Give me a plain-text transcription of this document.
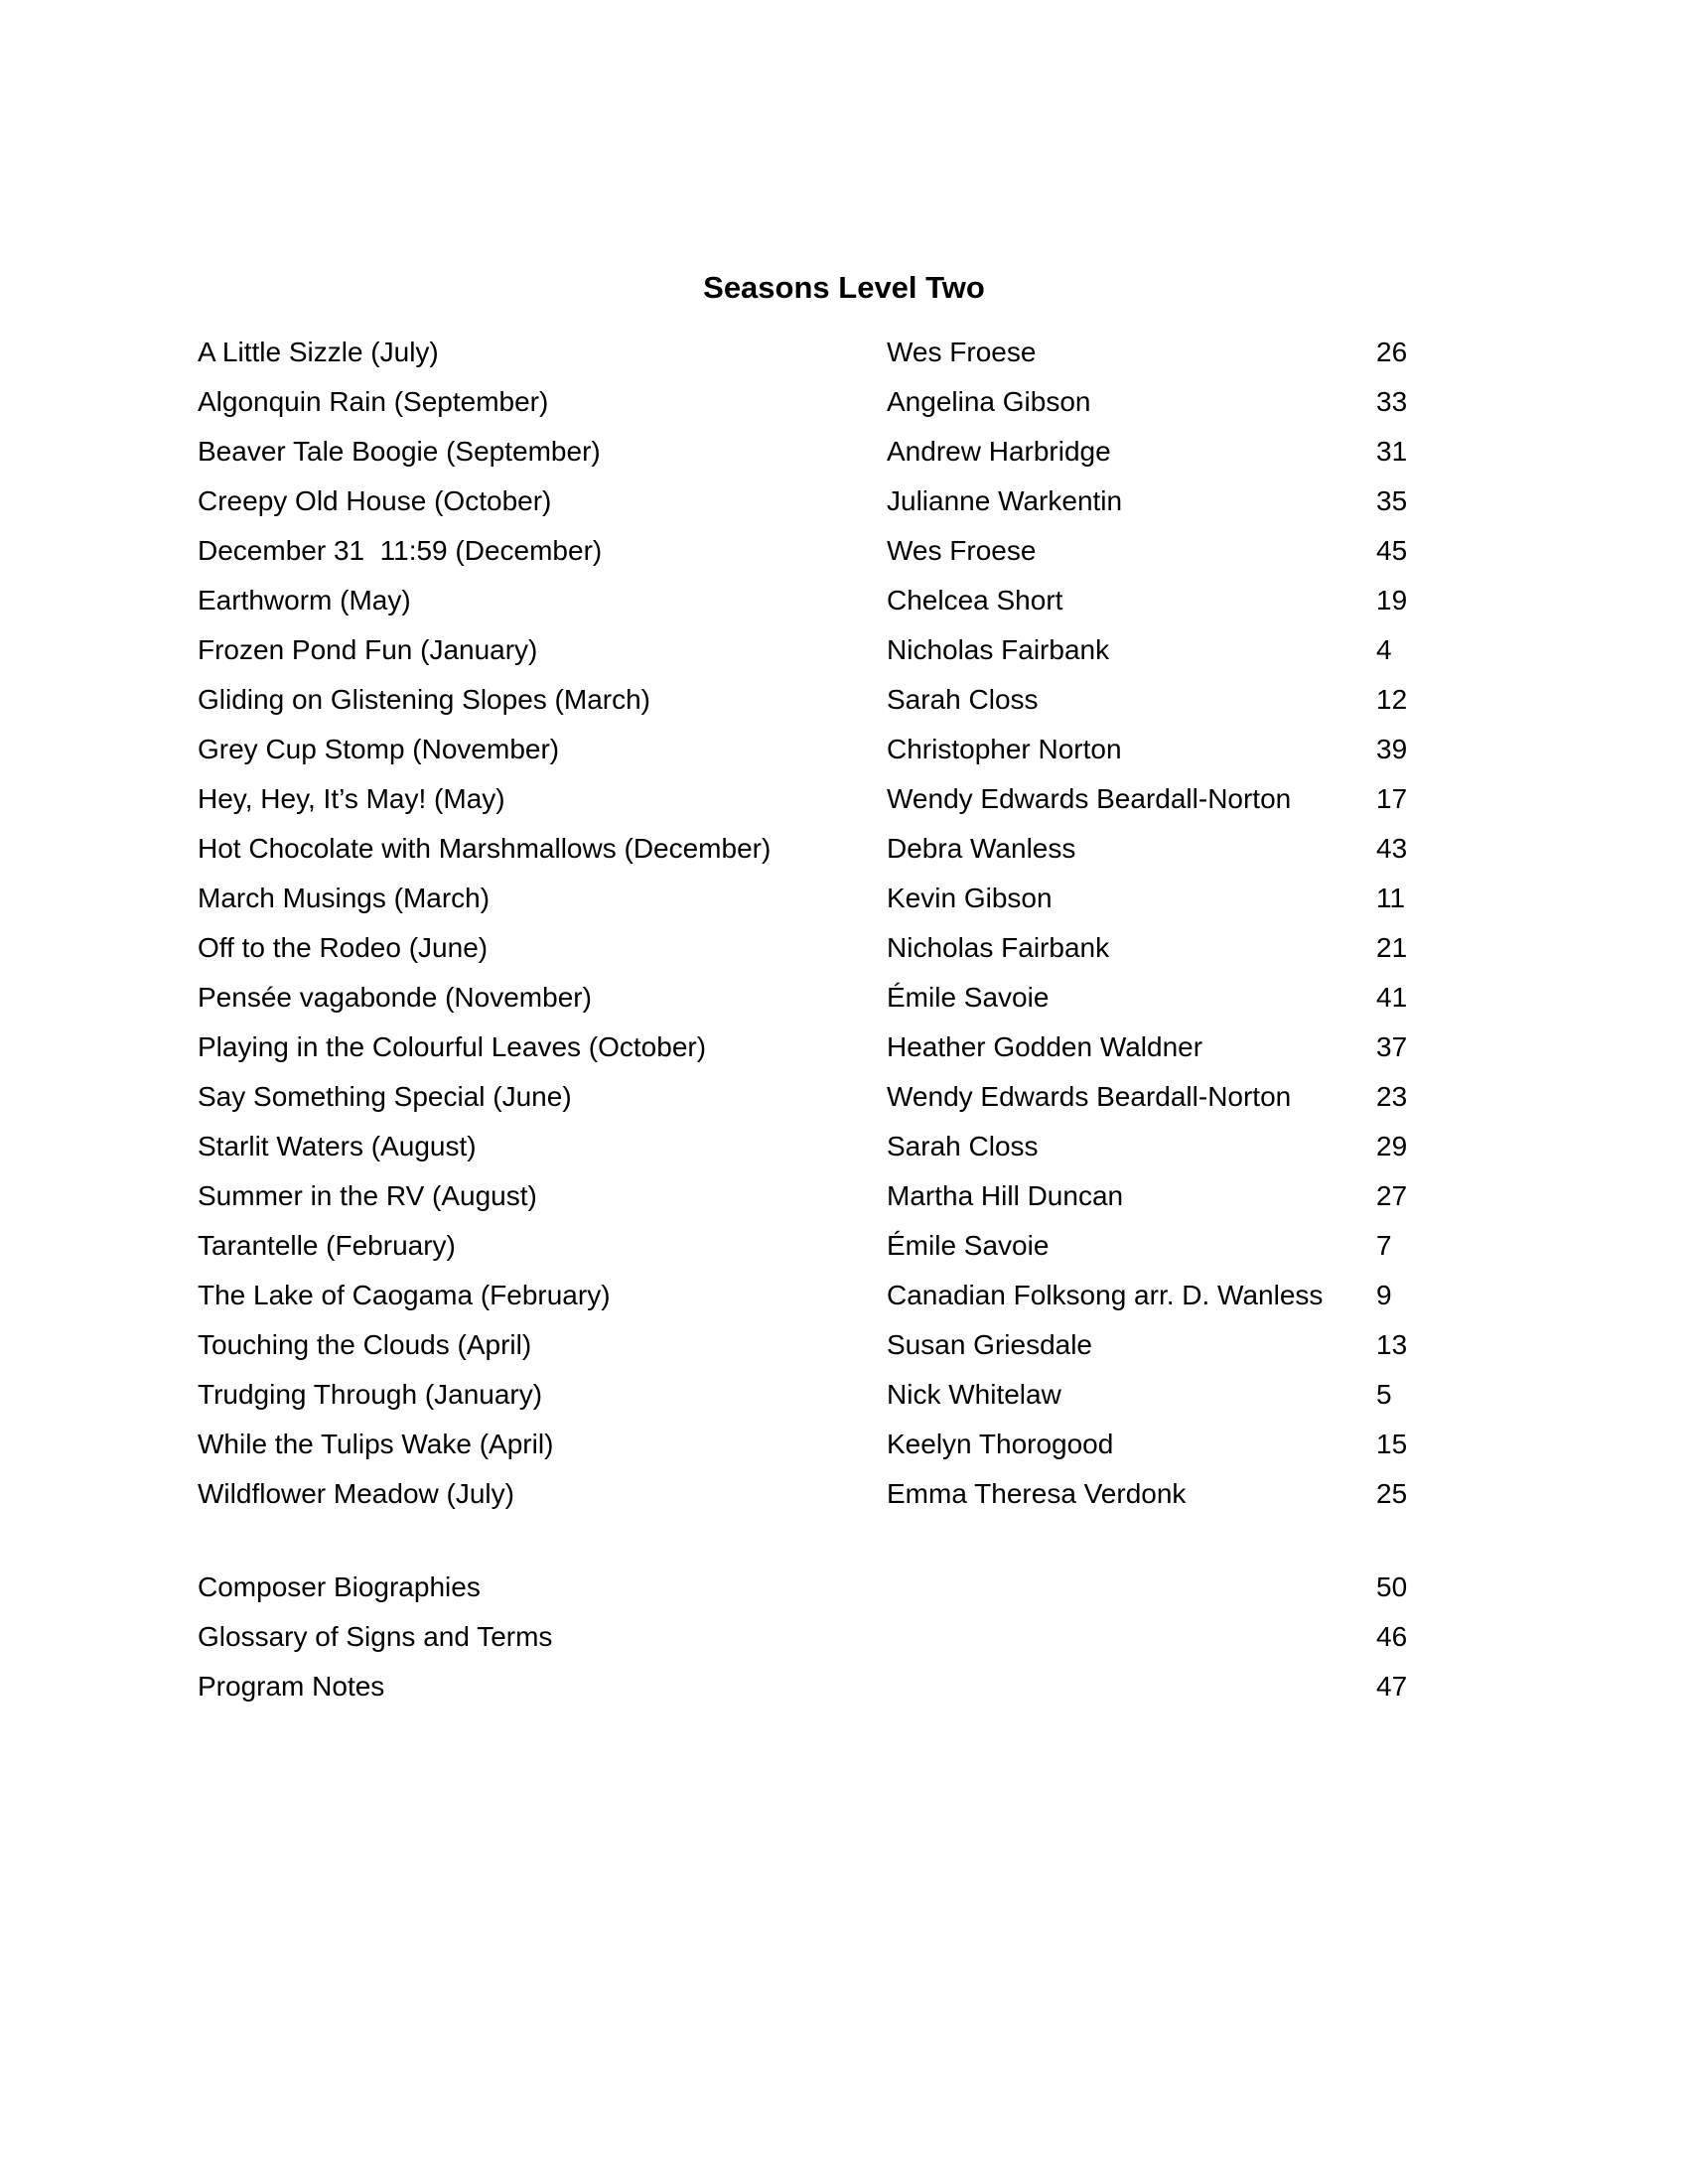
Seasons Level Two
A Little Sizzle (July)	Wes Froese	26
Algonquin Rain (September)	Angelina Gibson	33
Beaver Tale Boogie (September)	Andrew Harbridge	31
Creepy Old House (October)	Julianne Warkentin	35
December 31  11:59 (December)	Wes Froese	45
Earthworm (May)	Chelcea Short	19
Frozen Pond Fun (January)	Nicholas Fairbank	4
Gliding on Glistening Slopes (March)	Sarah Closs	12
Grey Cup Stomp (November)	Christopher Norton	39
Hey, Hey, It’s May! (May)	Wendy Edwards Beardall-Norton	17
Hot Chocolate with Marshmallows (December)	Debra Wanless	43
March Musings (March)	Kevin Gibson	11
Off to the Rodeo (June)	Nicholas Fairbank	21
Pensée vagabonde (November)	Émile Savoie	41
Playing in the Colourful Leaves (October)	Heather Godden Waldner	37
Say Something Special (June)	Wendy Edwards Beardall-Norton	23
Starlit Waters (August)	Sarah Closs	29
Summer in the RV (August)	Martha Hill Duncan	27
Tarantelle (February)	Émile Savoie	7
The Lake of Caogama (February)	Canadian Folksong arr. D. Wanless 9
Touching the Clouds (April)	Susan Griesdale	13
Trudging Through (January)	Nick Whitelaw	5
While the Tulips Wake (April)	Keelyn Thorogood	15
Wildflower Meadow (July)	Emma Theresa Verdonk	25
Composer Biographies	50
Glossary of Signs and Terms	46
Program Notes	47
